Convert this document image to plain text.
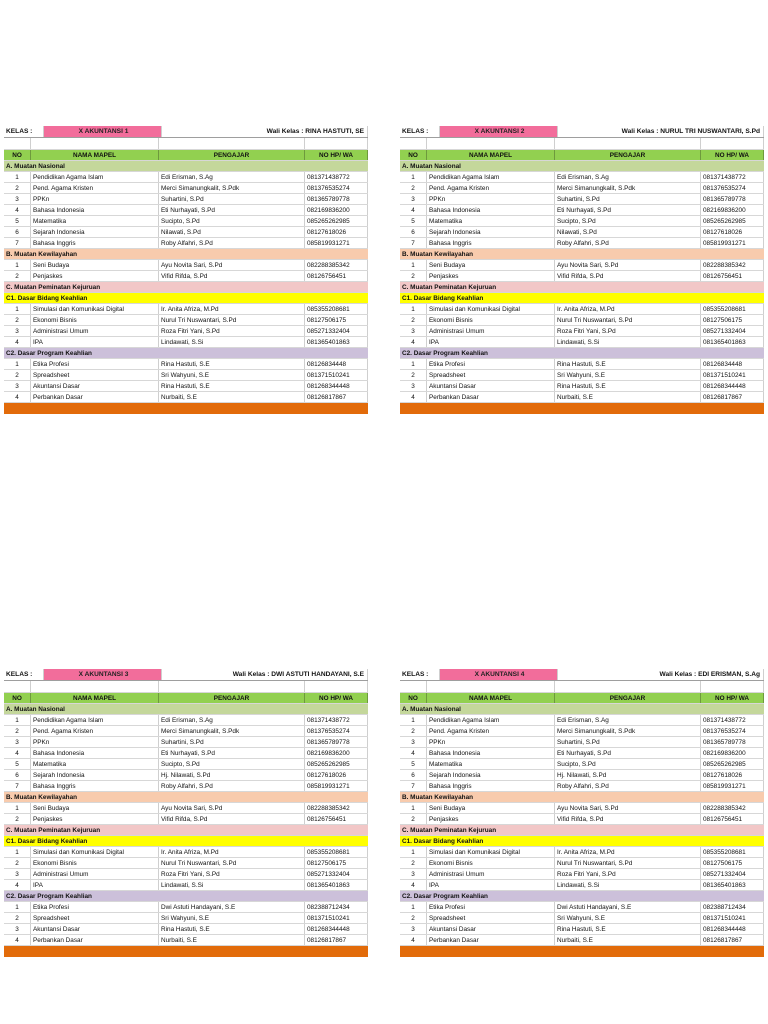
KELAS :	X AKUNTANSI 1	Wali Kelas : RINA HASTUTI, SE
NO	NAMA MAPEL	PENGAJAR	NO HP/ WA
A. Muatan Nasional
1	Pendidikan Agama Islam	Edi Erisman, S.Ag	081371438772
2	Pend. Agama Kristen	Merci Simanungkalit, S.Pdk	081376535274
3	PPKn	Suhartini, S.Pd	081365789778
4	Bahasa Indonesia	Eti Nurhayati, S.Pd	082169836200
5	Matematika	Sucipto, S.Pd	085265262985
6	Sejarah Indonesia	Nilawati, S.Pd	08127618026
7	Bahasa Inggris	Roby Alfahri, S.Pd	085819931271
B. Muatan Kewilayahan
1	Seni Budaya	Ayu Novita Sari, S.Pd	082288385342
2	Penjaskes	Vifid Rifda, S.Pd	08126756451
C. Muatan Peminatan Kejuruan
C1. Dasar Bidang Keahlian
1	Simulasi dan Komunikasi Digital	Ir. Anita Afriza, M.Pd	085355208681
2	Ekonomi Bisnis	Nurul Tri Nuswantari, S.Pd	08127506175
3	Administrasi Umum	Roza Fitri Yani, S.Pd	085271332404
4	IPA	Lindawati, S.Si	081365401863
C2. Dasar Program Keahlian
1	Etika Profesi	Rina Hastuti, S.E	08126834448
2	Spreadsheet	Sri Wahyuni, S.E	081371510241
3	Akuntansi Dasar	Rina Hastuti, S.E	081268344448
4	Perbankan Dasar	Nurbaiti, S.E	08126817867
KELAS :	X AKUNTANSI 2	Wali Kelas : NURUL TRI NUSWANTARI, S.Pd
NO	NAMA MAPEL	PENGAJAR	NO HP/ WA
A. Muatan Nasional
1	Pendidikan Agama Islam	Edi Erisman, S.Ag	081371438772
2	Pend. Agama Kristen	Merci Simanungkalit, S.Pdk	081376535274
3	PPKn	Suhartini, S.Pd	081365789778
4	Bahasa Indonesia	Eti Nurhayati, S.Pd	082169836200
5	Matematika	Sucipto, S.Pd	085265262985
6	Sejarah Indonesia	Nilawati, S.Pd	08127618026
7	Bahasa Inggris	Roby Alfahri, S.Pd	085819931271
B. Muatan Kewilayahan
1	Seni Budaya	Ayu Novita Sari, S.Pd	082288385342
2	Penjaskes	Vifid Rifda, S.Pd	08126756451
C. Muatan Peminatan Kejuruan
C1. Dasar Bidang Keahlian
1	Simulasi dan Komunikasi Digital	Ir. Anita Afriza, M.Pd	085355208681
2	Ekonomi Bisnis	Nurul Tri Nuswantari, S.Pd	08127506175
3	Administrasi Umum	Roza Fitri Yani, S.Pd	085271332404
4	IPA	Lindawati, S.Si	081365401863
C2. Dasar Program Keahlian
1	Etika Profesi	Rina Hastuti, S.E	08126834448
2	Spreadsheet	Sri Wahyuni, S.E	081371510241
3	Akuntansi Dasar	Rina Hastuti, S.E	081268344448
4	Perbankan Dasar	Nurbaiti, S.E	08126817867
KELAS :	X AKUNTANSI 3	Wali Kelas : DWI ASTUTI HANDAYANI, S.E
NO	NAMA MAPEL	PENGAJAR	NO HP/ WA
A. Muatan Nasional
1	Pendidikan Agama Islam	Edi Erisman, S.Ag	081371438772
2	Pend. Agama Kristen	Merci Simanungkalit, S.Pdk	081376535274
3	PPKn	Suhartini, S.Pd	081365789778
4	Bahasa Indonesia	Eti Nurhayati, S.Pd	082169836200
5	Matematika	Sucipto, S.Pd	085265262985
6	Sejarah Indonesia	Hj. Nilawati, S.Pd	08127618026
7	Bahasa Inggris	Roby Alfahri, S.Pd	085819931271
B. Muatan Kewilayahan
1	Seni Budaya	Ayu Novita Sari, S.Pd	082288385342
2	Penjaskes	Vifid Rifda, S.Pd	08126756451
C. Muatan Peminatan Kejuruan
C1. Dasar Bidang Keahlian
1	Simulasi dan Komunikasi Digital	Ir. Anita Afriza, M.Pd	085355208681
2	Ekonomi Bisnis	Nurul Tri Nuswantari, S.Pd	08127506175
3	Administrasi Umum	Roza Fitri Yani, S.Pd	085271332404
4	IPA	Lindawati, S.Si	081365401863
C2. Dasar Program Keahlian
1	Etika Profesi	Dwi Astuti Handayani, S.E	082388712434
2	Spreadsheet	Sri Wahyuni, S.E	081371510241
3	Akuntansi Dasar	Rina Hastuti, S.E	081268344448
4	Perbankan Dasar	Nurbaiti, S.E	08126817867
KELAS :	X AKUNTANSI 4	Wali Kelas : EDI ERISMAN, S.Ag
NO	NAMA MAPEL	PENGAJAR	NO HP/ WA
A. Muatan Nasional
1	Pendidikan Agama Islam	Edi Erisman, S.Ag	081371438772
2	Pend. Agama Kristen	Merci Simanungkalit, S.Pdk	081376535274
3	PPKn	Suhartini, S.Pd	081365789778
4	Bahasa Indonesia	Eti Nurhayati, S.Pd	082169836200
5	Matematika	Sucipto, S.Pd	085265262985
6	Sejarah Indonesia	Hj. Nilawati, S.Pd	08127618026
7	Bahasa Inggris	Roby Alfahri, S.Pd	085819931271
B. Muatan Kewilayahan
1	Seni Budaya	Ayu Novita Sari, S.Pd	082288385342
2	Penjaskes	Vifid Rifda, S.Pd	08126756451
C. Muatan Peminatan Kejuruan
C1. Dasar Bidang Keahlian
1	Simulasi dan Komunikasi Digital	Ir. Anita Afriza, M.Pd	085355208681
2	Ekonomi Bisnis	Nurul Tri Nuswantari, S.Pd	08127506175
3	Administrasi Umum	Roza Fitri Yani, S.Pd	085271332404
4	IPA	Lindawati, S.Si	081365401863
C2. Dasar Program Keahlian
1	Etika Profesi	Dwi Astuti Handayani, S.E	082388712434
2	Spreadsheet	Sri Wahyuni, S.E	081371510241
3	Akuntansi Dasar	Rina Hastuti, S.E	081268344448
4	Perbankan Dasar	Nurbaiti, S.E	08126817867
